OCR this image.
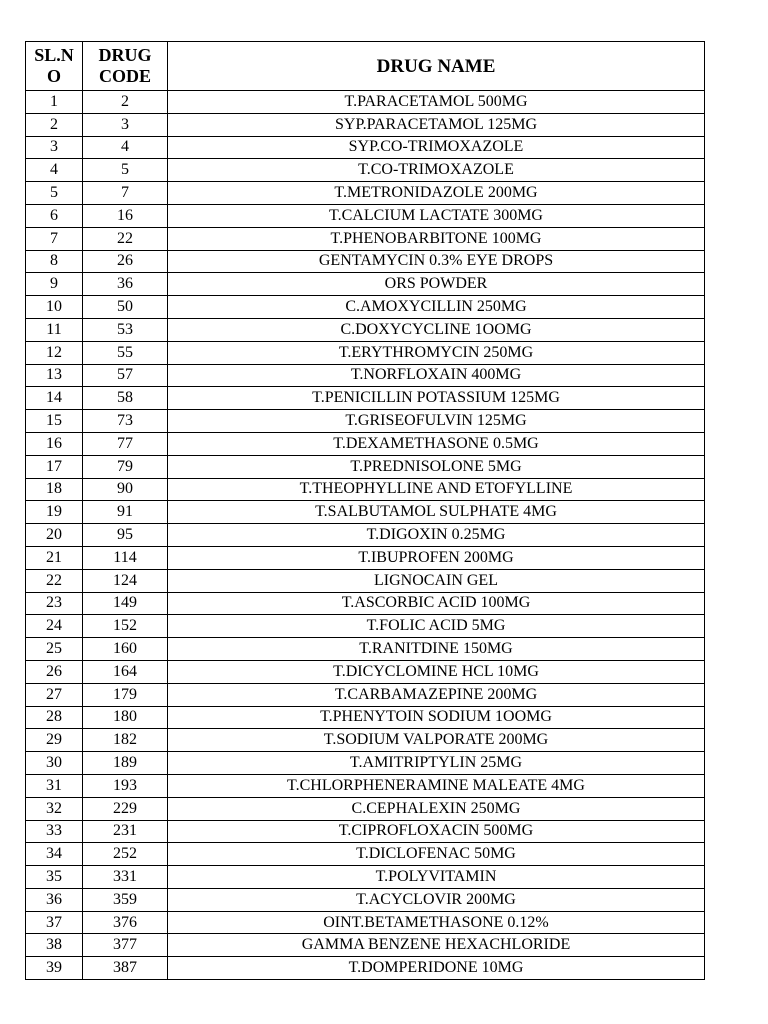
SL.N O	DRUG CODE	DRUG NAME
1	2	T.PARACETAMOL 500MG
2	3	SYP.PARACETAMOL 125MG
3	4	SYP.CO-TRIMOXAZOLE
4	5	T.CO-TRIMOXAZOLE
5	7	T.METRONIDAZOLE 200MG
6	16	T.CALCIUM LACTATE 300MG
7	22	T.PHENOBARBITONE 100MG
8	26	GENTAMYCIN 0.3% EYE DROPS
9	36	ORS POWDER
10	50	C.AMOXYCILLIN 250MG
11	53	C.DOXYCYCLINE 1OOMG
12	55	T.ERYTHROMYCIN 250MG
13	57	T.NORFLOXAIN 400MG
14	58	T.PENICILLIN POTASSIUM 125MG
15	73	T.GRISEOFULVIN 125MG
16	77	T.DEXAMETHASONE 0.5MG
17	79	T.PREDNISOLONE 5MG
18	90	T.THEOPHYLLINE AND ETOFYLLINE
19	91	T.SALBUTAMOL SULPHATE 4MG
20	95	T.DIGOXIN 0.25MG
21	114	T.IBUPROFEN 200MG
22	124	LIGNOCAIN GEL
23	149	T.ASCORBIC ACID 100MG
24	152	T.FOLIC ACID 5MG
25	160	T.RANITDINE 150MG
26	164	T.DICYCLOMINE HCL 10MG
27	179	T.CARBAMAZEPINE 200MG
28	180	T.PHENYTOIN SODIUM 1OOMG
29	182	T.SODIUM VALPORATE 200MG
30	189	T.AMITRIPTYLIN 25MG
31	193	T.CHLORPHENERAMINE MALEATE 4MG
32	229	C.CEPHALEXIN 250MG
33	231	T.CIPROFLOXACIN 500MG
34	252	T.DICLOFENAC 50MG
35	331	T.POLYVITAMIN
36	359	T.ACYCLOVIR 200MG
37	376	OINT.BETAMETHASONE 0.12%
38	377	GAMMA BENZENE HEXACHLORIDE
39	387	T.DOMPERIDONE 10MG
